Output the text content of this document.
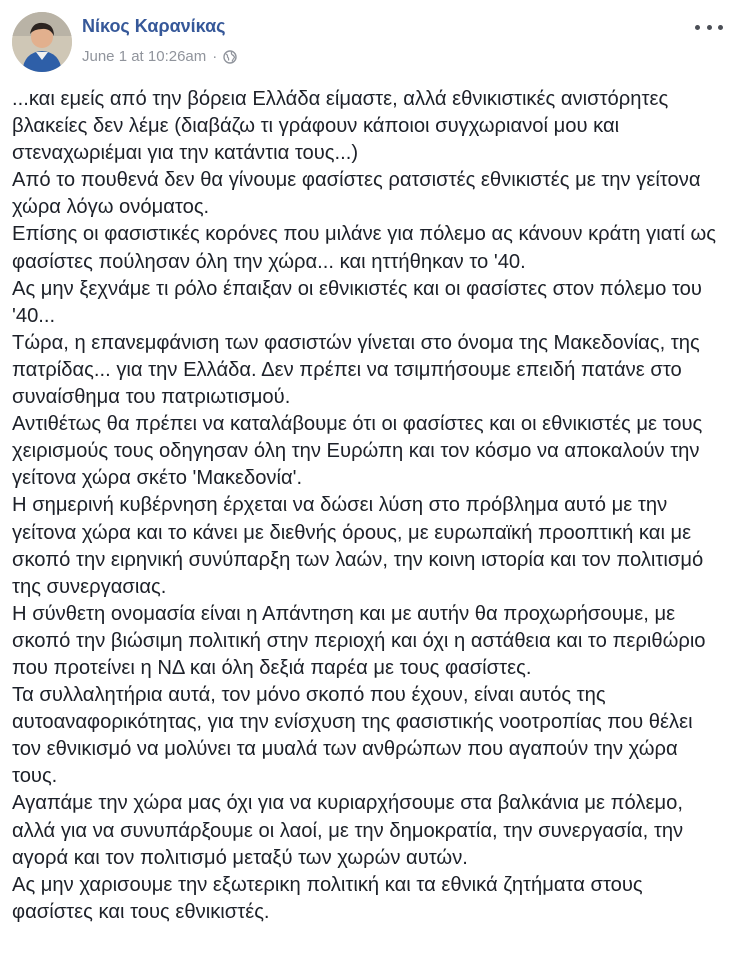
Νίκος Καρανίκας
June 1 at 10:26am ·

...και εμείς από την βόρεια Ελλάδα είμαστε, αλλά εθνικιστικές ανιστόρητες βλακείες δεν λέμε (διαβάζω τι γράφουν κάποιοι συγχωριανοί μου και στεναχωριέμαι για την κατάντια τους...)

Από το πουθενά δεν θα γίνουμε φασίστες ρατσιστές εθνικιστές με την γείτονα χώρα λόγω ονόματος.

Επίσης οι φασιστικές κορόνες που μιλάνε για πόλεμο ας κάνουν κράτη γιατί ως φασίστες πούλησαν όλη την χώρα... και ηττήθηκαν το '40.

Ας μην ξεχνάμε τι ρόλο έπαιξαν οι εθνικιστές και οι φασίστες στον πόλεμο του '40...

Τώρα, η επανεμφάνιση των φασιστών γίνεται στο όνομα της Μακεδονίας, της πατρίδας... για την Ελλάδα. Δεν πρέπει να τσιμπήσουμε επειδή πατάνε στο συναίσθημα του πατριωτισμού.

Αντιθέτως θα πρέπει να καταλάβουμε ότι οι φασίστες και οι εθνικιστές με τους χειρισμούς τους οδηγησαν όλη την Ευρώπη και τον κόσμο να αποκαλούν την γείτονα χώρα σκέτο 'Μακεδονία'.

Η σημερινή κυβέρνηση έρχεται να δώσει λύση στο πρόβλημα αυτό με την γείτονα χώρα και το κάνει με διεθνής όρους, με ευρωπαϊκή προοπτική και με σκοπό την ειρηνική συνύπαρξη των λαών, την κοινη ιστορία και τον πολιτισμό της συνεργασιας.

Η σύνθετη ονομασία είναι η Απάντηση και με αυτήν θα προχωρήσουμε, με σκοπό την βιώσιμη πολιτική στην περιοχή και όχι η αστάθεια και το περιθώριο που προτείνει η ΝΔ και όλη δεξιά παρέα με τους φασίστες.

Τα συλλαλητήρια αυτά, τον μόνο σκοπό που έχουν, είναι αυτός της αυτοαναφορικότητας, για την ενίσχυση της φασιστικής νοοτροπίας που θέλει τον εθνικισμό να μολύνει τα μυαλά των ανθρώπων που αγαπούν την χώρα τους.

Αγαπάμε την χώρα μας όχι για να κυριαρχήσουμε στα βαλκάνια με πόλεμο, αλλά για να συνυπάρξουμε οι λαοί, με την δημοκρατία, την συνεργασία, την αγορά και τον πολιτισμό μεταξύ των χωρών αυτών.

Ας μην χαρισουμε την εξωτερικη πολιτική και τα εθνικά ζητήματα στους φασίστες και τους εθνικιστές.
